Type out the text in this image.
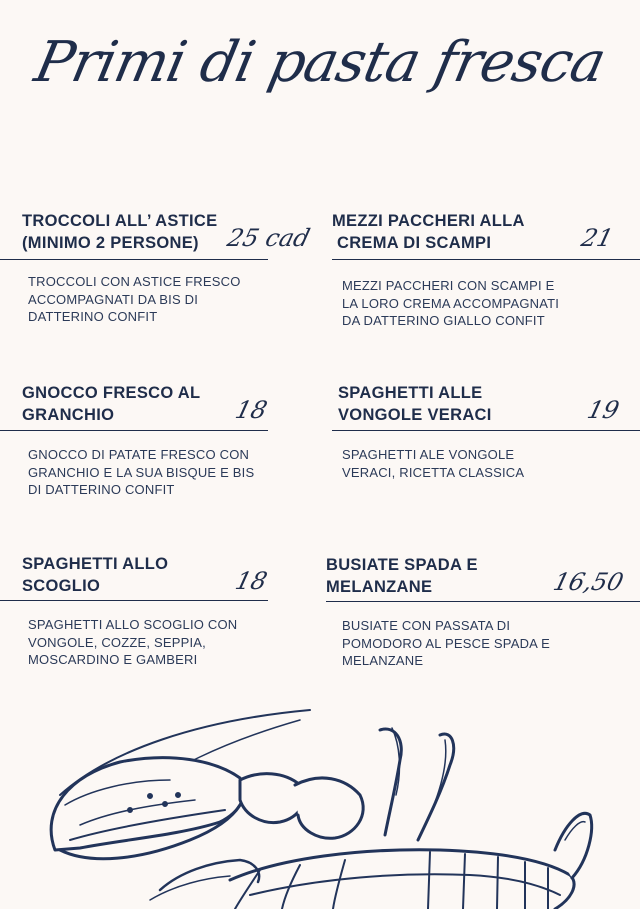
Primi di pasta fresca
TROCCOLI ALL’ ASTICE
(MINIMO 2 PERSONE)	25 cad
TROCCOLI CON ASTICE FRESCO
ACCOMPAGNATI DA BIS DI
DATTERINO CONFIT
MEZZI PACCHERI ALLA
CREMA DI SCAMPI	21
MEZZI PACCHERI CON SCAMPI E
LA LORO CREMA ACCOMPAGNATI
DA DATTERINO GIALLO CONFIT
GNOCCO FRESCO AL
GRANCHIO	18
GNOCCO DI PATATE FRESCO CON
GRANCHIO E LA SUA BISQUE E BIS
DI DATTERINO CONFIT
SPAGHETTI ALLE
VONGOLE VERACI	19
SPAGHETTI ALE VONGOLE
VERACI, RICETTA CLASSICA
SPAGHETTI ALLO
SCOGLIO	18
SPAGHETTI ALLO SCOGLIO CON
VONGOLE, COZZE, SEPPIA,
MOSCARDINO E GAMBERI
BUSIATE SPADA E
MELANZANE	16,50
BUSIATE CON PASSATA DI
POMODORO AL PESCE SPADA E
MELANZANE
